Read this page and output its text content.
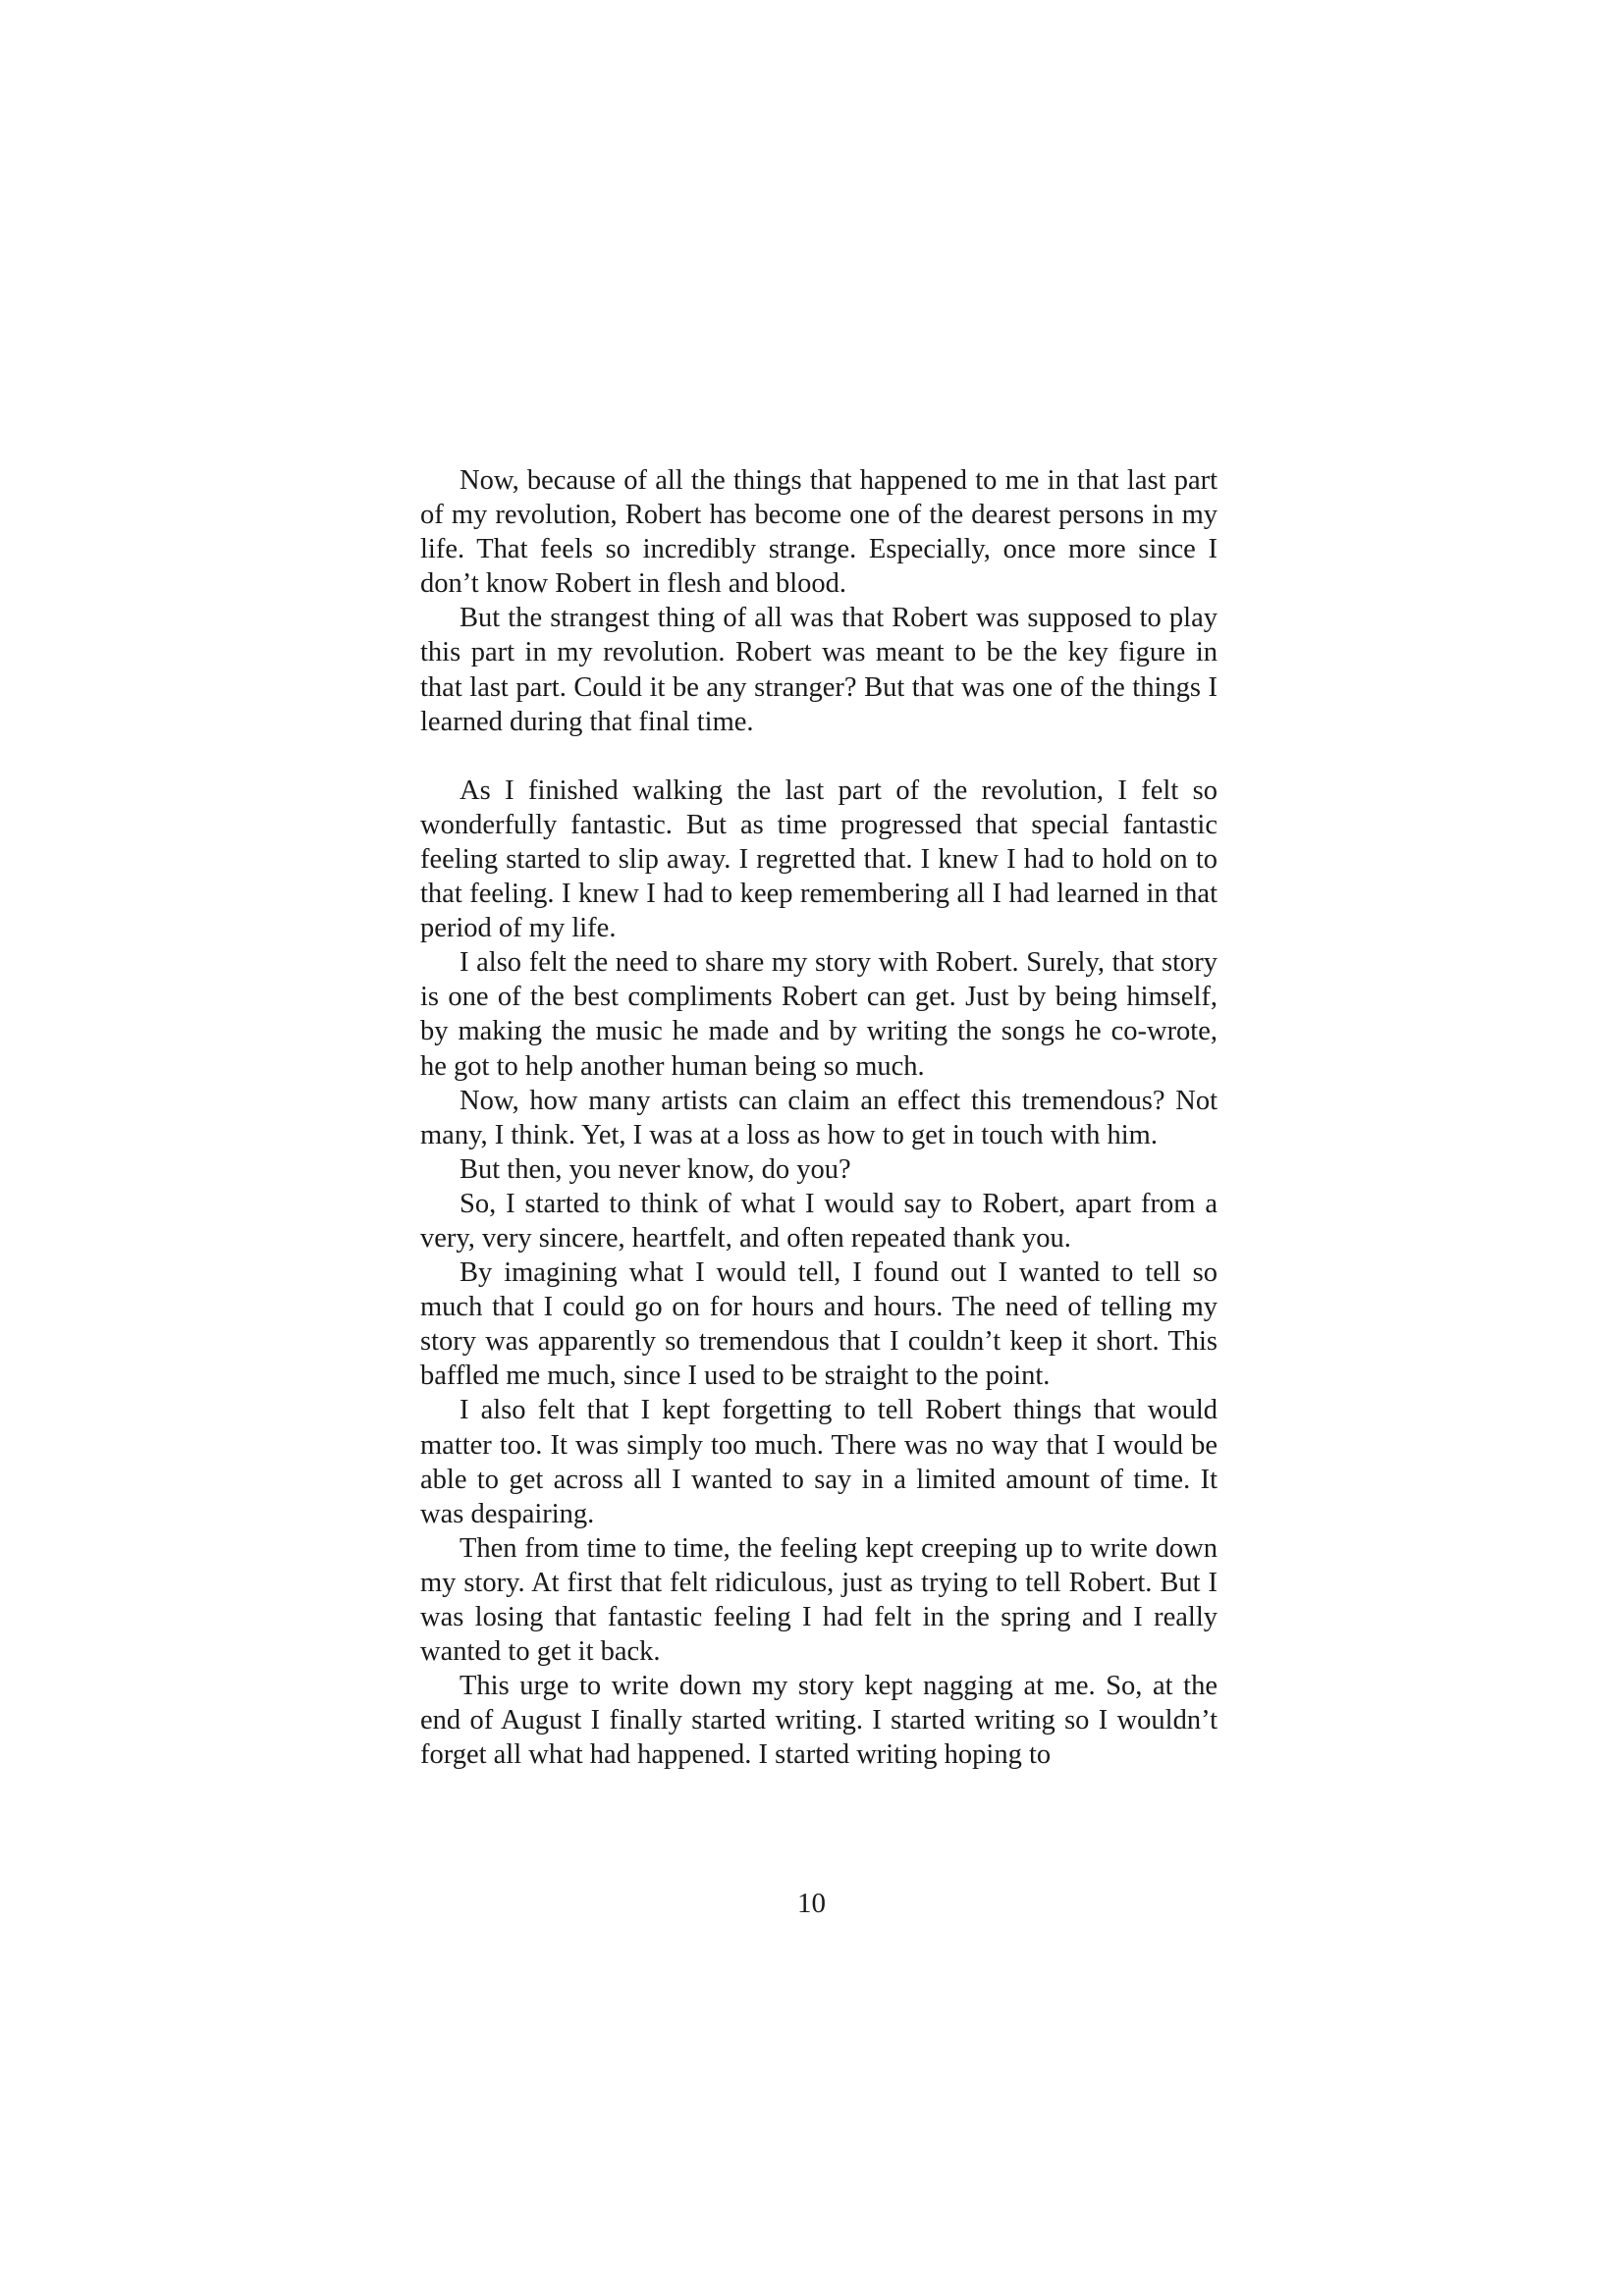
Now, because of all the things that happened to me in that last part of my revolution, Robert has become one of the dearest persons in my life. That feels so incredibly strange. Especially, once more since I don’t know Robert in flesh and blood.

But the strangest thing of all was that Robert was supposed to play this part in my revolution. Robert was meant to be the key figure in that last part. Could it be any stranger? But that was one of the things I learned during that final time.

As I finished walking the last part of the revolution, I felt so wonderfully fantastic. But as time progressed that special fantastic feeling started to slip away. I regretted that. I knew I had to hold on to that feeling. I knew I had to keep remembering all I had learned in that period of my life.

I also felt the need to share my story with Robert. Surely, that story is one of the best compliments Robert can get. Just by being himself, by making the music he made and by writing the songs he co-wrote, he got to help another human being so much.

Now, how many artists can claim an effect this tremendous? Not many, I think. Yet, I was at a loss as how to get in touch with him.

But then, you never know, do you?

So, I started to think of what I would say to Robert, apart from a very, very sincere, heartfelt, and often repeated thank you.

By imagining what I would tell, I found out I wanted to tell so much that I could go on for hours and hours. The need of telling my story was apparently so tremendous that I couldn’t keep it short. This baffled me much, since I used to be straight to the point.

I also felt that I kept forgetting to tell Robert things that would matter too. It was simply too much. There was no way that I would be able to get across all I wanted to say in a limited amount of time. It was despairing.

Then from time to time, the feeling kept creeping up to write down my story. At first that felt ridiculous, just as trying to tell Robert. But I was losing that fantastic feeling I had felt in the spring and I really wanted to get it back.

This urge to write down my story kept nagging at me. So, at the end of August I finally started writing. I started writing so I wouldn’t forget all what had happened. I started writing hoping to

10
